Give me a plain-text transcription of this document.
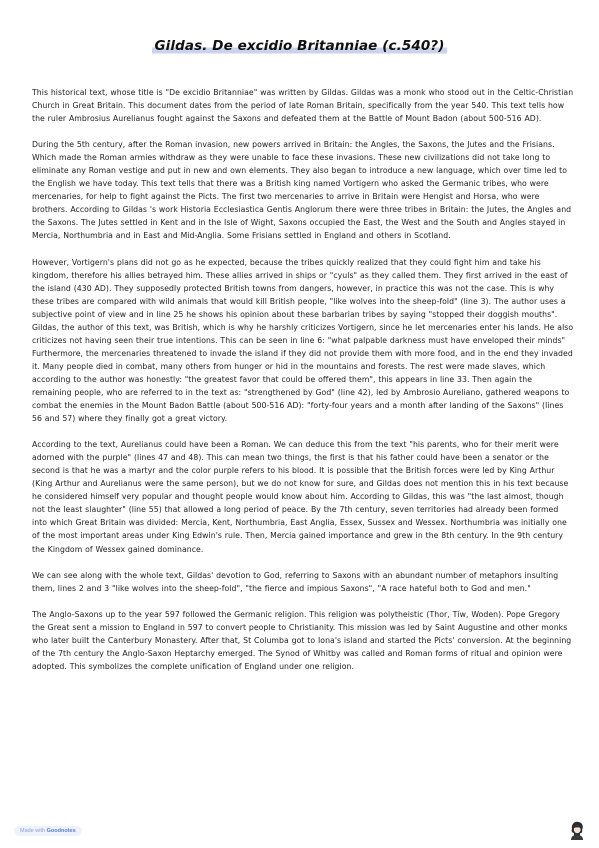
Gildas. De excidio Britanniae (c.540?)

This historical text, whose title is "De excidio Britanniae" was written by Gildas. Gildas was a monk who stood out in the Celtic-Christian Church in Great Britain. This document dates from the period of late Roman Britain, specifically from the year 540. This text tells how the ruler Ambrosius Aurelianus fought against the Saxons and defeated them at the Battle of Mount Badon (about 500-516 AD).

During the 5th century, after the Roman invasion, new powers arrived in Britain: the Angles, the Saxons, the Jutes and the Frisians. Which made the Roman armies withdraw as they were unable to face these invasions. These new civilizations did not take long to eliminate any Roman vestige and put in new and own elements. They also began to introduce a new language, which over time led to the English we have today. This text tells that there was a British king named Vortigern who asked the Germanic tribes, who were mercenaries, for help to fight against the Picts. The first two mercenaries to arrive in Britain were Hengist and Horsa, who were brothers. According to Gildas 's work Historia Ecclesiastica Gentis Anglorum there were three tribes in Britain: the Jutes, the Angles and the Saxons. The Jutes settled in Kent and in the Isle of Wight, Saxons occupied the East, the West and the South and Angles stayed in Mercia, Northumbria and in East and Mid-Anglia. Some Frisians settled in England and others in Scotland.

However, Vortigern's plans did not go as he expected, because the tribes quickly realized that they could fight him and take his kingdom, therefore his allies betrayed him. These allies arrived in ships or "cyuls" as they called them. They first arrived in the east of the island (430 AD). They supposedly protected British towns from dangers, however, in practice this was not the case. This is why these tribes are compared with wild animals that would kill British people, "like wolves into the sheep-fold" (line 3). The author uses a subjective point of view and in line 25 he shows his opinion about these barbarian tribes by saying "stopped their doggish mouths". Gildas, the author of this text, was British, which is why he harshly criticizes Vortigern, since he let mercenaries enter his lands. He also criticizes not having seen their true intentions. This can be seen in line 6: "what palpable darkness must have enveloped their minds" Furthermore, the mercenaries threatened to invade the island if they did not provide them with more food, and in the end they invaded it. Many people died in combat, many others from hunger or hid in the mountains and forests. The rest were made slaves, which according to the author was honestly: "the greatest favor that could be offered them", this appears in line 33. Then again the remaining people, who are referred to in the text as: "strengthened by God" (line 42), led by Ambrosio Aureliano, gathered weapons to combat the enemies in the Mount Badon Battle (about 500-516 AD): "forty-four years and a month after landing of the Saxons" (lines 56 and 57) where they finally got a great victory.

According to the text, Aurelianus could have been a Roman. We can deduce this from the text "his parents, who for their merit were adorned with the purple" (lines 47 and 48). This can mean two things, the first is that his father could have been a senator or the second is that he was a martyr and the color purple refers to his blood. It is possible that the British forces were led by King Arthur (King Arthur and Aurelianus were the same person), but we do not know for sure, and Gildas does not mention this in his text because he considered himself very popular and thought people would know about him. According to Gildas, this was "the last almost, though not the least slaughter" (line 55) that allowed a long period of peace. By the 7th century, seven territories had already been formed into which Great Britain was divided: Mercia, Kent, Northumbria, East Anglia, Essex, Sussex and Wessex. Northumbria was initially one of the most important areas under King Edwin's rule. Then, Mercia gained importance and grew in the 8th century. In the 9th century the Kingdom of Wessex gained dominance.

We can see along with the whole text, Gildas' devotion to God, referring to Saxons with an abundant number of metaphors insulting them, lines 2 and 3 "like wolves into the sheep-fold", "the fierce and impious Saxons", "A race hateful both to God and men."

The Anglo-Saxons up to the year 597 followed the Germanic religion. This religion was polytheistic (Thor, Tíw, Woden). Pope Gregory the Great sent a mission to England in 597 to convert people to Christianity. This mission was led by Saint Augustine and other monks who later built the Canterbury Monastery. After that, St Columba got to Iona's island and started the Picts' conversion. At the beginning of the 7th century the Anglo-Saxon Heptarchy emerged. The Synod of Whitby was called and Roman forms of ritual and opinion were adopted. This symbolizes the complete unification of England under one religion.

Made with Goodnotes
